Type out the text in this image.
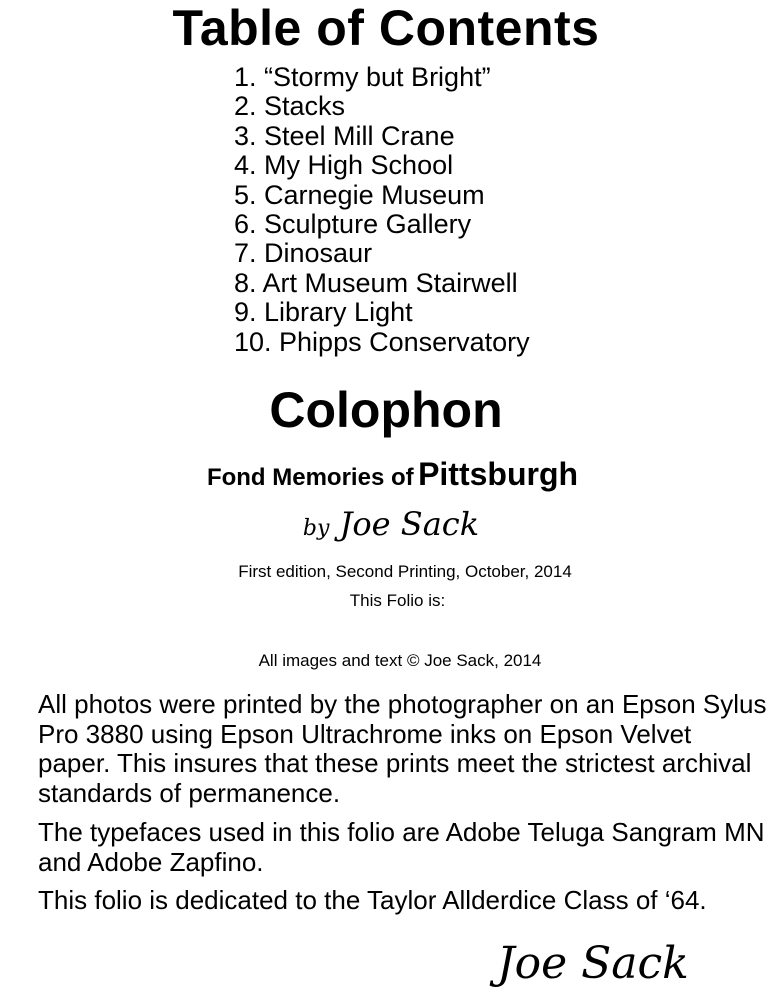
Table of Contents
1. “Stormy but Bright”
2. Stacks
3. Steel Mill Crane
4. My High School
5. Carnegie Museum
6. Sculpture Gallery
7. Dinosaur
8. Art Museum Stairwell
9. Library Light
10. Phipps Conservatory
Colophon
Fond Memories of Pittsburgh
by Joe Sack
First edition, Second Printing, October, 2014
This Folio is:
All images and text © Joe Sack, 2014

All photos were printed by the photographer on an Epson Sylus Pro 3880 using Epson Ultrachrome inks on Epson Velvet paper. This insures that these prints meet the strictest archival standards of permanence.

The typefaces used in this folio are Adobe Teluga Sangram MN and Adobe Zapfino.

This folio is dedicated to the Taylor Allderdice Class of ‘64.

Joe Sack
